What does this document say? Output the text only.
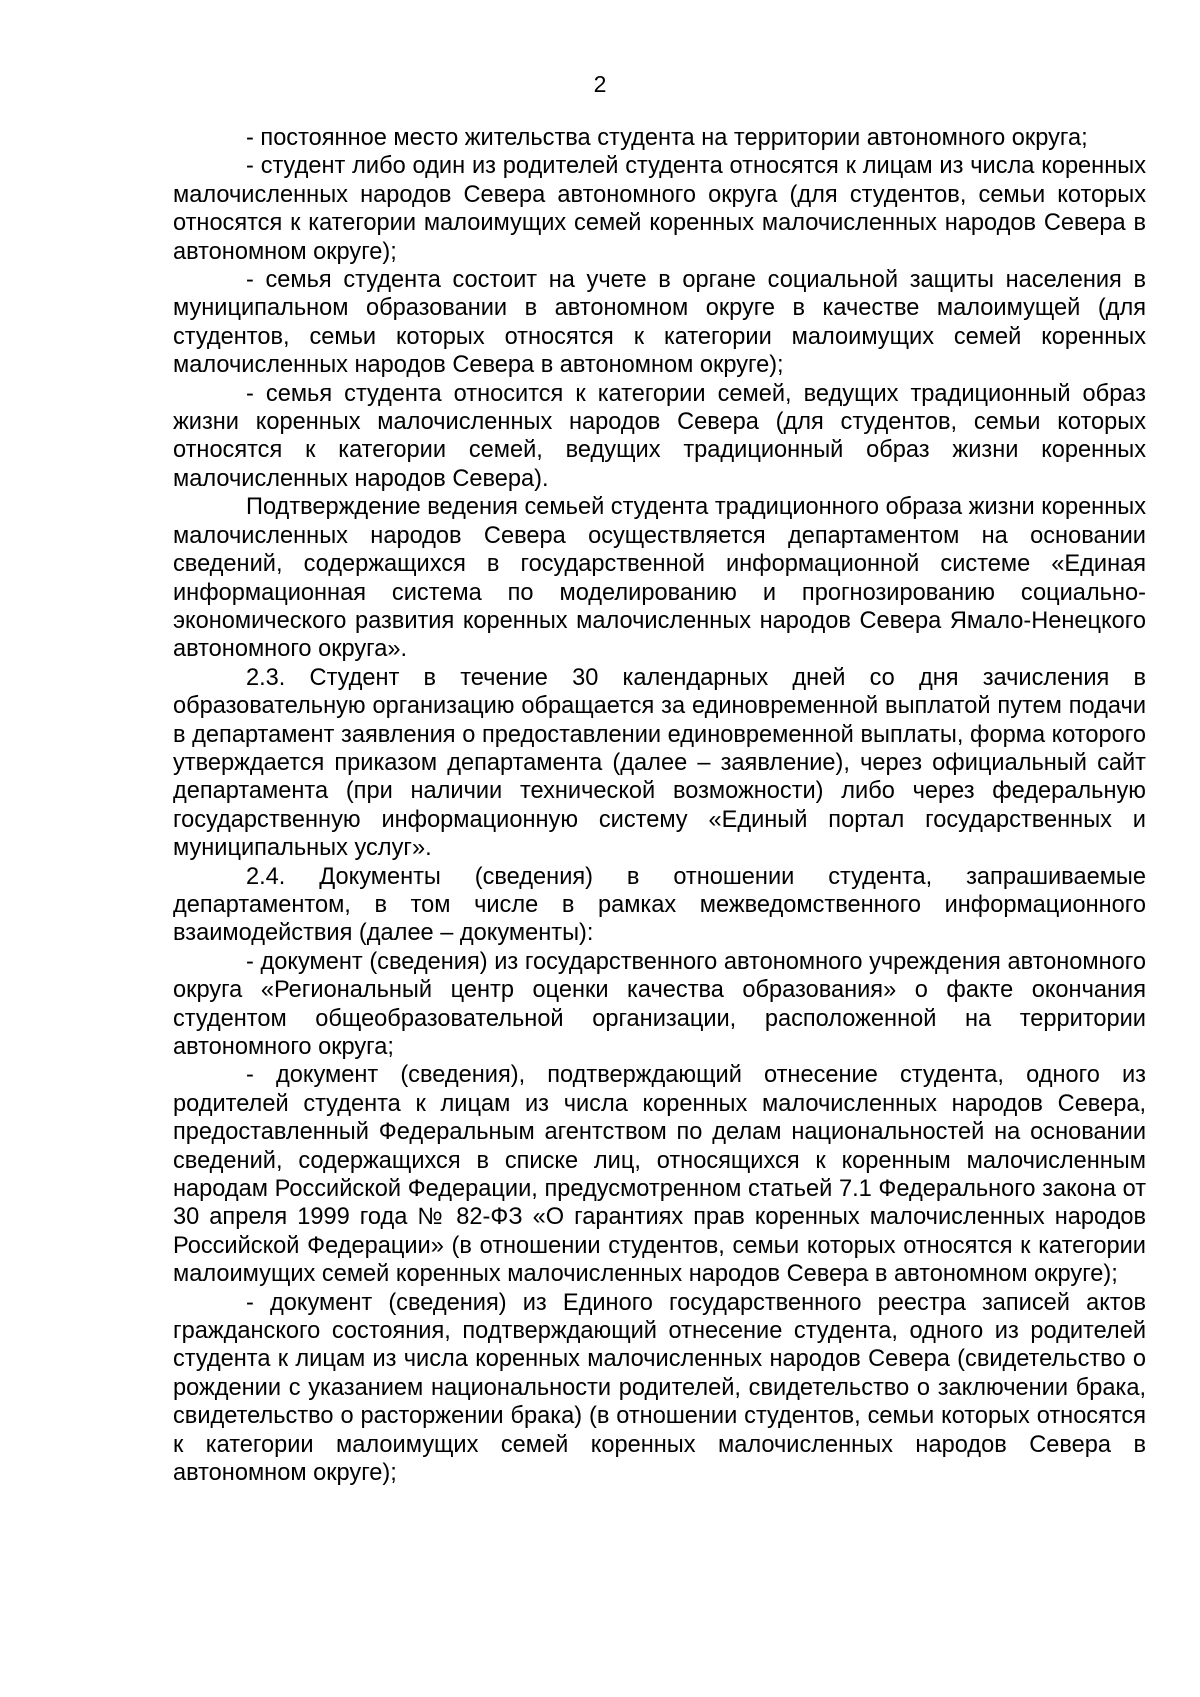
2

- постоянное место жительства студента на территории автономного округа;

- студент либо один из родителей студента относятся к лицам из числа коренных малочисленных народов Севера автономного округа (для студентов, семьи которых относятся к категории малоимущих семей коренных малочисленных народов Севера в автономном округе);

- семья студента состоит на учете в органе социальной защиты населения в муниципальном образовании в автономном округе в качестве малоимущей (для студентов, семьи которых относятся к категории малоимущих семей коренных малочисленных народов Севера в автономном округе);

- семья студента относится к категории семей, ведущих традиционный образ жизни коренных малочисленных народов Севера (для студентов, семьи которых относятся к категории семей, ведущих традиционный образ жизни коренных малочисленных народов Севера).

Подтверждение ведения семьей студента традиционного образа жизни коренных малочисленных народов Севера осуществляется департаментом на основании сведений, содержащихся в государственной информационной системе «Единая информационная система по моделированию и прогнозированию социально-экономического развития коренных малочисленных народов Севера Ямало-Ненецкого автономного округа».

2.3. Студент в течение 30 календарных дней со дня зачисления в образовательную организацию обращается за единовременной выплатой путем подачи в департамент заявления о предоставлении единовременной выплаты, форма которого утверждается приказом департамента (далее – заявление), через официальный сайт департамента (при наличии технической возможности) либо через федеральную государственную информационную систему «Единый портал государственных и муниципальных услуг».

2.4. Документы (сведения) в отношении студента, запрашиваемые департаментом, в том числе в рамках межведомственного информационного взаимодействия (далее – документы):

- документ (сведения) из государственного автономного учреждения автономного округа «Региональный центр оценки качества образования» о факте окончания студентом общеобразовательной организации, расположенной на территории автономного округа;

- документ (сведения), подтверждающий отнесение студента, одного из родителей студента к лицам из числа коренных малочисленных народов Севера, предоставленный Федеральным агентством по делам национальностей на основании сведений, содержащихся в списке лиц, относящихся к коренным малочисленным народам Российской Федерации, предусмотренном статьей 7.1 Федерального закона от 30 апреля 1999 года № 82-ФЗ «О гарантиях прав коренных малочисленных народов Российской Федерации» (в отношении студентов, семьи которых относятся к категории малоимущих семей коренных малочисленных народов Севера в автономном округе);

- документ (сведения) из Единого государственного реестра записей актов гражданского состояния, подтверждающий отнесение студента, одного из родителей студента к лицам из числа коренных малочисленных народов Севера (свидетельство о рождении с указанием национальности родителей, свидетельство о заключении брака, свидетельство о расторжении брака) (в отношении студентов, семьи которых относятся к категории малоимущих семей коренных малочисленных народов Севера в автономном округе);
